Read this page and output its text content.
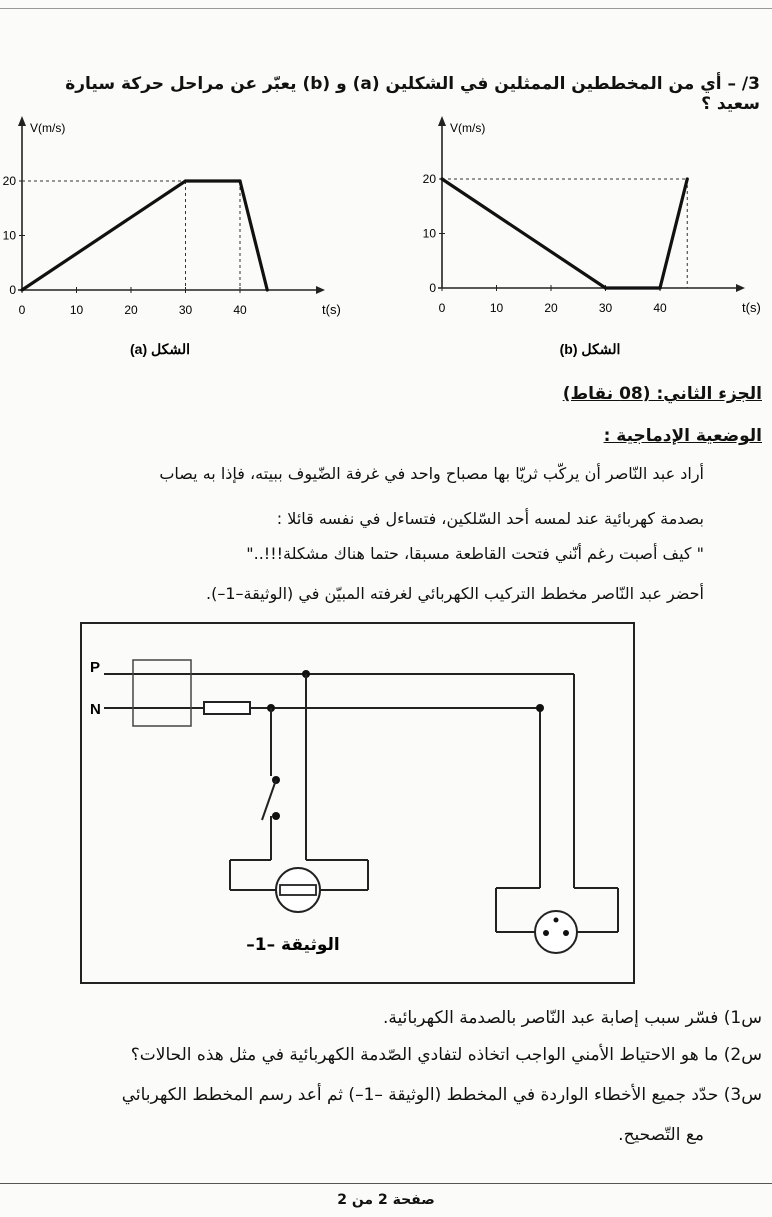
3/ – أي من المخططين الممثلين في الشكلين (a) و (b) يعبّر عن مراحل حركة سيارة سعيد ؟
V(m/s)
t(s)
0	10	20	30	40
0
10
20
الشكل (a)
V(m/s)
t(s)
0	10	20	30	40
0
10
20
الشكل (b)
الجزء الثاني: (08 نقاط)
الوضعية الإدماجية :
أراد عبد النّاصر أن يركّب ثريّا بها مصباح واحد في غرفة الضّيوف ببيته، فإذا به يصاب
بصدمة كهربائية عند لمسه أحد السّلكين، فتساءل في نفسه قائلا :
" كيف أصبت رغم أنّني فتحت القاطعة مسبقا، حتما هناك مشكلة!!!.."
أحضر عبد النّاصر مخطط التركيب الكهربائي لغرفته المبيّن في (الوثيقة–1–).
P
N
الوثيقة –1–
س1) فسّر سبب إصابة عبد النّاصر بالصدمة الكهربائية.
س2) ما هو الاحتياط الأمني الواجب اتخاذه لتفادي الصّدمة الكهربائية في مثل هذه الحالات؟
س3) حدّد جميع الأخطاء الواردة في المخطط (الوثيقة –1–) ثم أعد رسم المخطط الكهربائي
مع التّصحيح.
صفحة 2 من 2
